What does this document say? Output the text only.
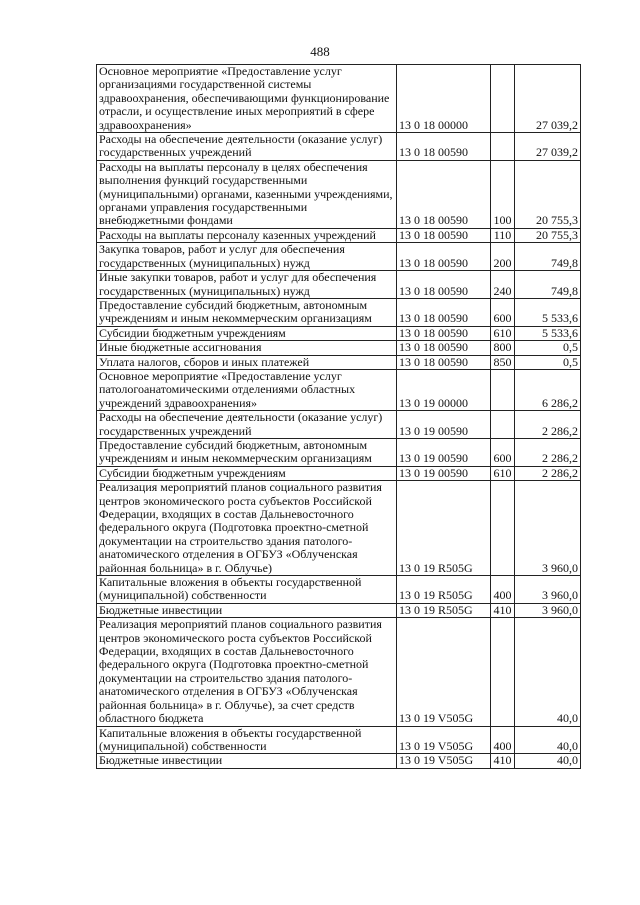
488
Основное мероприятие «Предоставление услуг организациями государственной системы здравоохранения, обеспечивающими функционирование отрасли, и осуществление иных мероприятий в сфере здравоохранения»	13 0 18 00000		27 039,2
Расходы на обеспечение деятельности (оказание услуг) государственных учреждений	13 0 18 00590		27 039,2
Расходы на выплаты персоналу в целях обеспечения выполнения функций государственными (муниципальными) органами, казенными учреждениями, органами управления государственными внебюджетными фондами	13 0 18 00590	100	20 755,3
Расходы на выплаты персоналу казенных учреждений	13 0 18 00590	110	20 755,3
Закупка товаров, работ и услуг для обеспечения государственных (муниципальных) нужд	13 0 18 00590	200	749,8
Иные закупки товаров, работ и услуг для обеспечения государственных (муниципальных) нужд	13 0 18 00590	240	749,8
Предоставление субсидий бюджетным, автономным учреждениям и иным некоммерческим организациям	13 0 18 00590	600	5 533,6
Субсидии бюджетным учреждениям	13 0 18 00590	610	5 533,6
Иные бюджетные ассигнования	13 0 18 00590	800	0,5
Уплата налогов, сборов и иных платежей	13 0 18 00590	850	0,5
Основное мероприятие «Предоставление услуг патологоанатомическими отделениями областных учреждений здравоохранения»	13 0 19 00000		6 286,2
Расходы на обеспечение деятельности (оказание услуг) государственных учреждений	13 0 19 00590		2 286,2
Предоставление субсидий бюджетным, автономным учреждениям и иным некоммерческим организациям	13 0 19 00590	600	2 286,2
Субсидии бюджетным учреждениям	13 0 19 00590	610	2 286,2
Реализация мероприятий планов социального развития центров экономического роста субъектов Российской Федерации, входящих в состав Дальневосточного федерального округа (Подготовка проектно-сметной документации на строительство здания патолого-анатомического отделения в ОГБУЗ «Облученская районная больница» в г. Облучье)	13 0 19 R505G		3 960,0
Капитальные вложения в объекты государственной (муниципальной) собственности	13 0 19 R505G	400	3 960,0
Бюджетные инвестиции	13 0 19 R505G	410	3 960,0
Реализация мероприятий планов социального развития центров экономического роста субъектов Российской Федерации, входящих в состав Дальневосточного федерального округа (Подготовка проектно-сметной документации на строительство здания патолого-анатомического отделения в ОГБУЗ «Облученская районная больница» в г. Облучье), за счет средств областного бюджета	13 0 19 V505G		40,0
Капитальные вложения в объекты государственной (муниципальной) собственности	13 0 19 V505G	400	40,0
Бюджетные инвестиции	13 0 19 V505G	410	40,0
